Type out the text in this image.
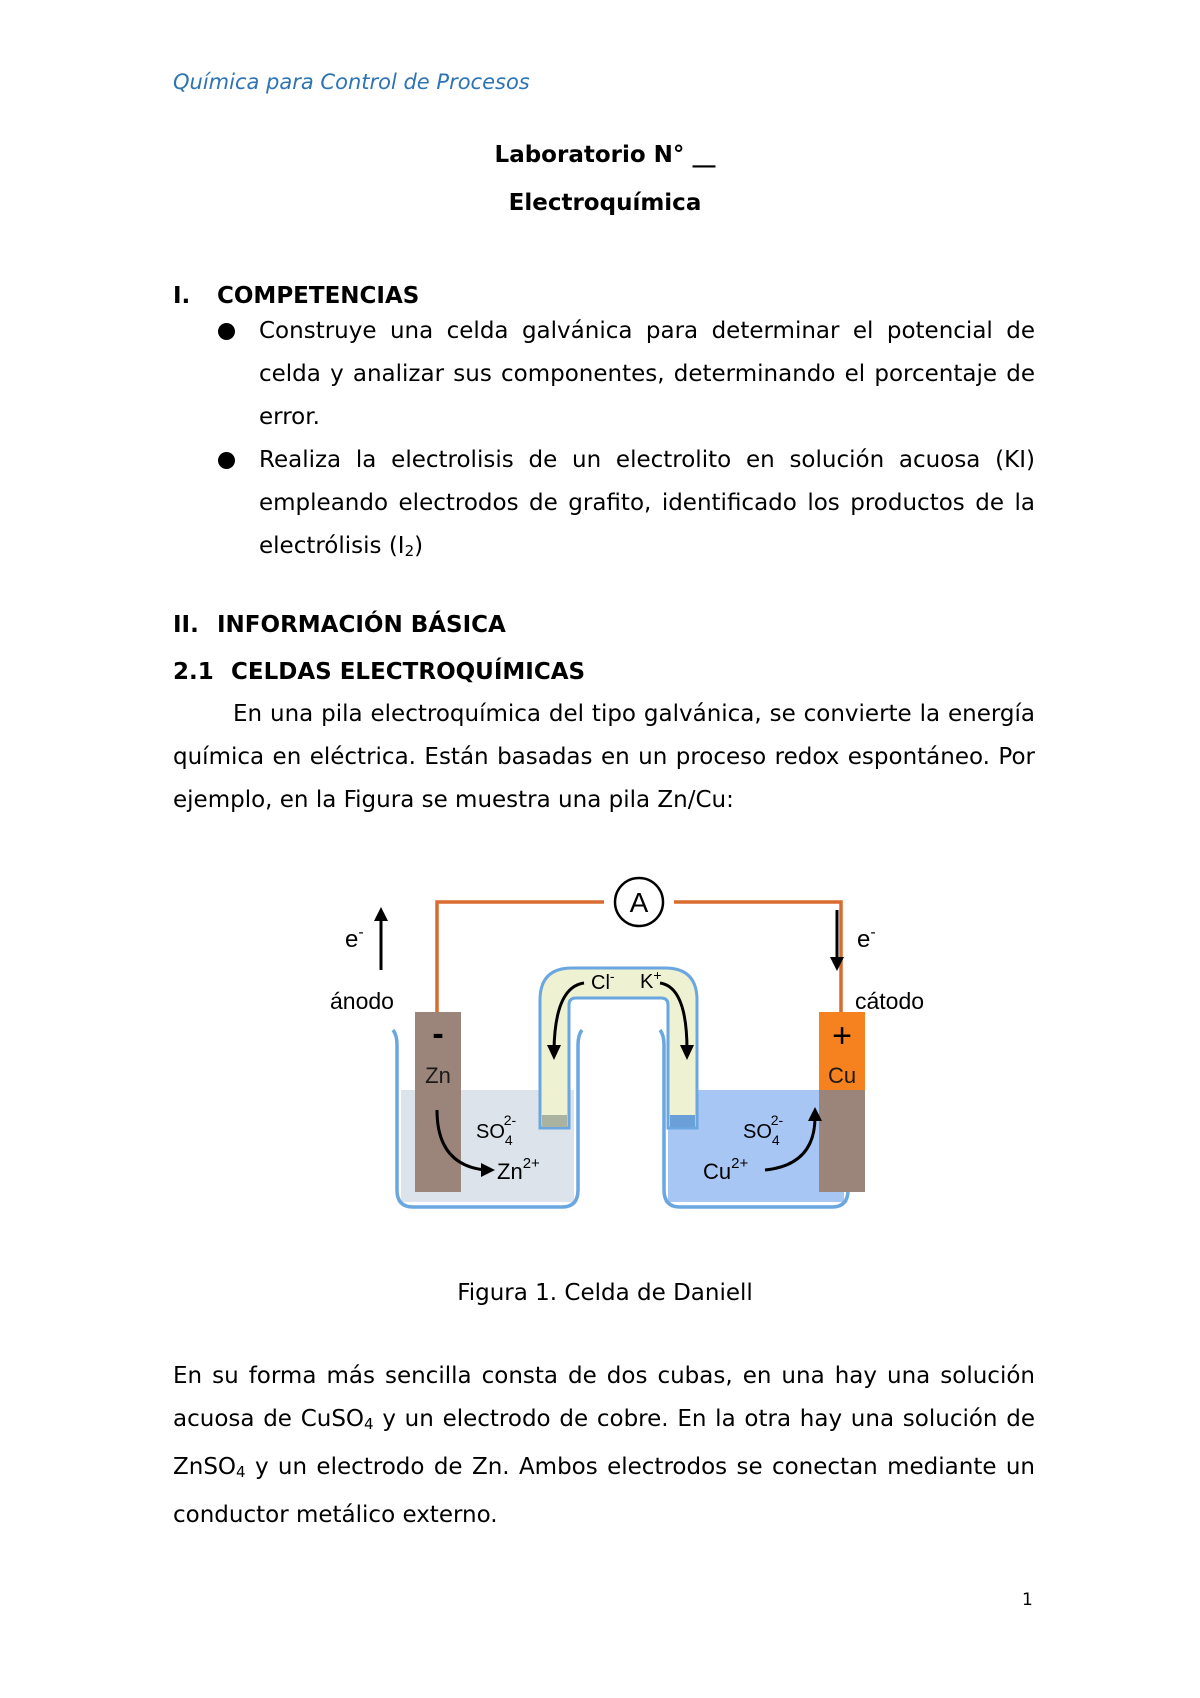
Química para Control de Procesos
Laboratorio N° __
Electroquímica
I. COMPETENCIAS
Construye una celda galvánica para determinar el potencial de celda y analizar sus componentes, determinando el porcentaje de error.
Realiza la electrolisis de un electrolito en solución acuosa (KI) empleando electrodos de grafito, identificado los productos de la electrólisis $(I_2)$
II. INFORMACIÓN BÁSICA
2.1 CELDAS ELECTROQUÍMICAS

En una pila electroquímica del tipo galvánica, se convierte la energía química en eléctrica. Están basadas en un proceso redox espontáneo. Por ejemplo, en la Figura se muestra una pila Zn/Cu:

A
-	+
Zn	Cu
e-	e-
ánodo	cátodo
Cl- K+
$SO_42-$
$SO_42-$
$Zn^{2+}$	$Cu^{2+}$
Figura 1. Celda de Daniell

En su forma más sencilla consta de dos cubas, en una hay una solución acuosa de CuSO$_4$ y un electrodo de cobre. En la otra hay una solución de ZnSO$_4$ y un electrodo de Zn. Ambos electrodos se conectan mediante un conductor metálico externo.

1
